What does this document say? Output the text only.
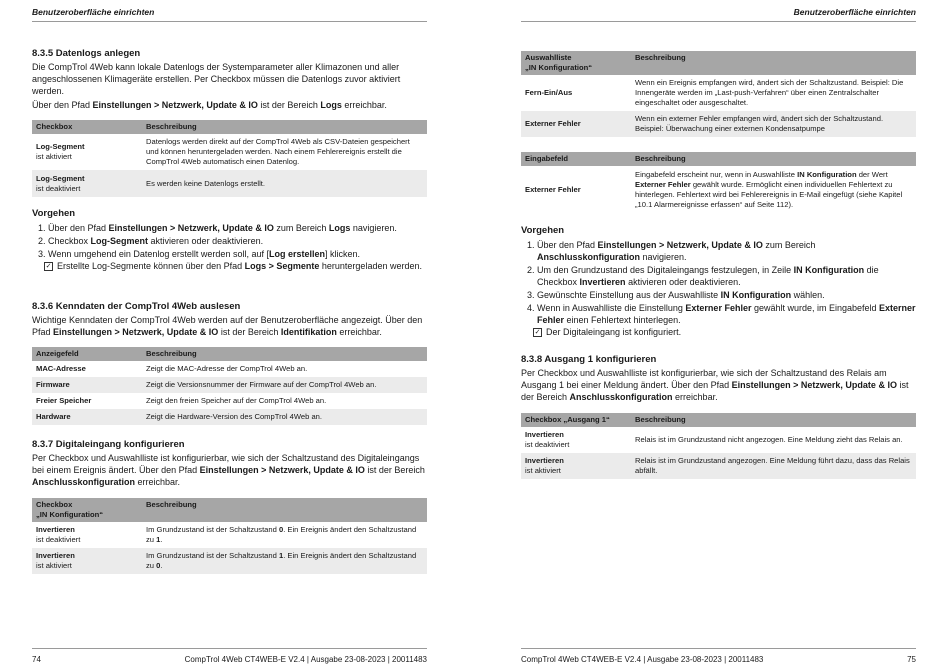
Benutzeroberfläche einrichten
8.3.5 Datenlogs anlegen

Die CompTrol 4Web kann lokale Datenlogs der Systemparameter aller Klimazonen und aller angeschlossenen Klimageräte erstellen. Per Checkbox müssen die Datenlogs zuvor aktiviert werden.

Über den Pfad Einstellungen > Netzwerk, Update & IO ist der Bereich Logs erreichbar.

Checkbox	Beschreibung
Log-Segment
ist aktiviert	Datenlogs werden direkt auf der CompTrol 4Web als CSV-Dateien gespeichert und können heruntergeladen werden. Nach einem Fehlerereignis erstellt die CompTrol 4Web automatisch einen Datenlog.
Log-Segment
ist deaktiviert	Es werden keine Datenlogs erstellt.
Vorgehen
1. Über den Pfad Einstellungen > Netzwerk, Update & IO zum Bereich Logs navigieren.
2. Checkbox Log-Segment aktivieren oder deaktivieren.
3. Wenn umgehend ein Datenlog erstellt werden soll, auf [Log erstellen] klicken.
✓ Erstellte Log-Segmente können über den Pfad Logs > Segmente heruntergeladen werden.
8.3.6 Kenndaten der CompTrol 4Web auslesen

Wichtige Kenndaten der CompTrol 4Web werden auf der Benutzeroberfläche angezeigt. Über den Pfad Einstellungen > Netzwerk, Update & IO ist der Bereich Identifikation erreichbar.

Anzeigefeld	Beschreibung
MAC-Adresse	Zeigt die MAC-Adresse der CompTrol 4Web an.
Firmware	Zeigt die Versionsnummer der Firmware auf der CompTrol 4Web an.
Freier Speicher	Zeigt den freien Speicher auf der CompTrol 4Web an.
Hardware	Zeigt die Hardware-Version des CompTrol 4Web an.
8.3.7 Digitaleingang konfigurieren

Per Checkbox und Auswahlliste ist konfigurierbar, wie sich der Schaltzustand des Digitaleingangs bei einem Ereignis ändert. Über den Pfad Einstellungen > Netzwerk, Update & IO ist der Bereich Anschlusskonfiguration erreichbar.

Checkbox
„IN Konfiguration“	Beschreibung
Invertieren
ist deaktiviert	Im Grundzustand ist der Schaltzustand 0. Ein Ereignis ändert den Schaltzustand zu 1.
Invertieren
ist aktiviert	Im Grundzustand ist der Schaltzustand 1. Ein Ereignis ändert den Schaltzustand zu 0.
74	CompTrol 4Web CT4WEB-E V2.4 | Ausgabe 23-08-2023 | 20011483
Benutzeroberfläche einrichten
Auswahlliste
„IN Konfiguration“	Beschreibung
Fern-Ein/Aus	Wenn ein Ereignis empfangen wird, ändert sich der Schaltzustand. Beispiel: Die Innengeräte werden im „Last-push-Verfahren“ über einen Zentralschalter eingeschaltet oder ausgeschaltet.
Externer Fehler	Wenn ein externer Fehler empfangen wird, ändert sich der Schaltzustand. Beispiel: Überwachung einer externen Kondensatpumpe
Eingabefeld	Beschreibung
Externer Fehler	Eingabefeld erscheint nur, wenn in Auswahlliste IN Konfiguration der Wert Externer Fehler gewählt wurde. Ermöglicht einen individuellen Fehlertext zu hinterlegen. Fehlertext wird bei Fehlerereignis in E-Mail eingefügt (siehe Kapitel „10.1 Alarmereignisse erfassen“ auf Seite 112).
Vorgehen
1. Über den Pfad Einstellungen > Netzwerk, Update & IO zum Bereich Anschlusskonfiguration navigieren.
2. Um den Grundzustand des Digitaleingangs festzulegen, in Zeile IN Konfiguration die Checkbox Invertieren aktivieren oder deaktivieren.
3. Gewünschte Einstellung aus der Auswahlliste IN Konfiguration wählen.
4. Wenn in Auswahlliste die Einstellung Externer Fehler gewählt wurde, im Eingabefeld Externer Fehler einen Fehlertext hinterlegen.
✓ Der Digitaleingang ist konfiguriert.
8.3.8 Ausgang 1 konfigurieren

Per Checkbox und Auswahlliste ist konfigurierbar, wie sich der Schaltzustand des Relais am Ausgang 1 bei einer Meldung ändert. Über den Pfad Einstellungen > Netzwerk, Update & IO ist der Bereich Anschlusskonfiguration erreichbar.

Checkbox „Ausgang 1“	Beschreibung
Invertieren
ist deaktiviert	Relais ist im Grundzustand nicht angezogen. Eine Meldung zieht das Relais an.
Invertieren
ist aktiviert	Relais ist im Grundzustand angezogen. Eine Meldung führt dazu, dass das Relais abfällt.
CompTrol 4Web CT4WEB-E V2.4 | Ausgabe 23-08-2023 | 20011483	75
